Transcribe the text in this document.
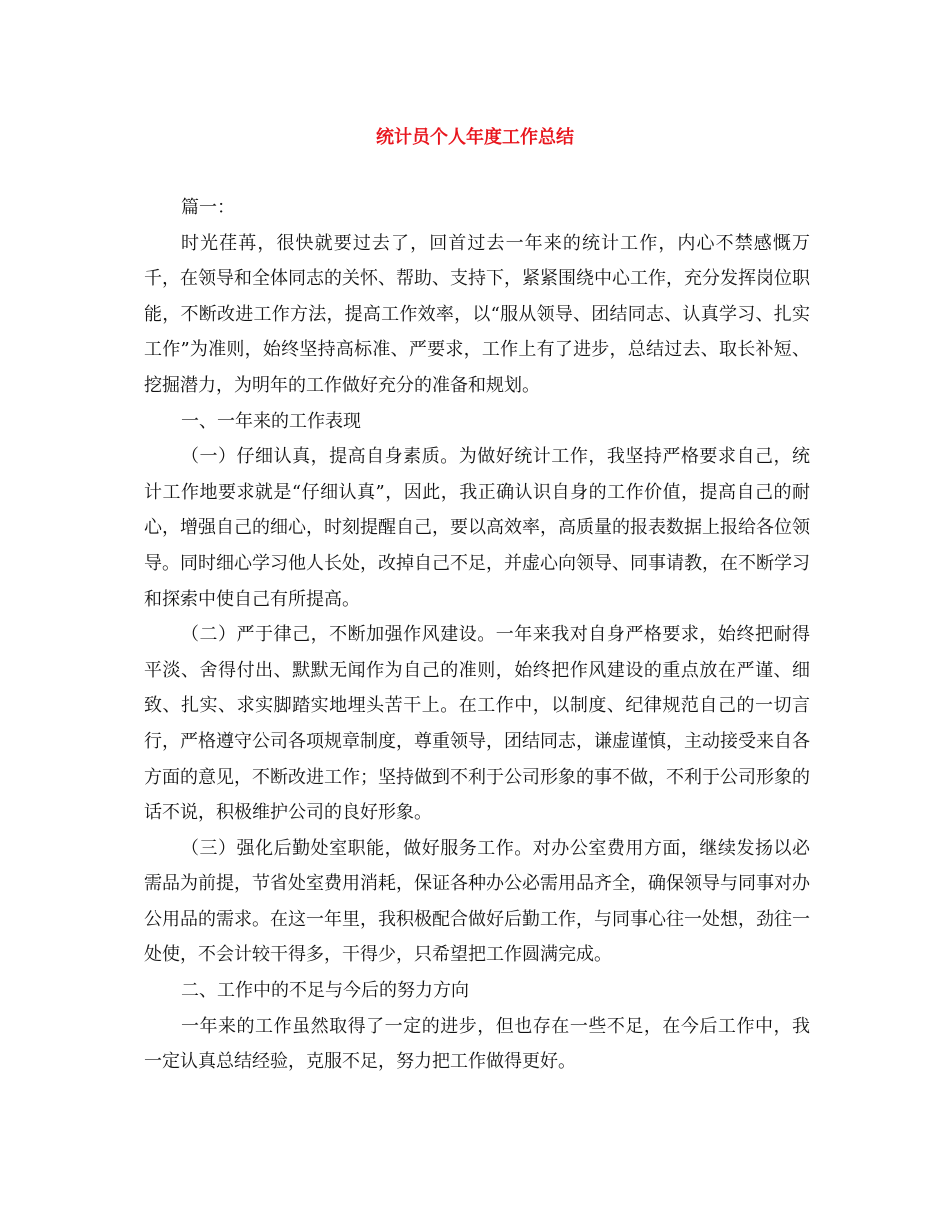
统计员个人年度工作总结

篇一：

时光荏苒，很快就要过去了，回首过去一年来的统计工作，内心不禁感慨万千，在领导和全体同志的关怀、帮助、支持下，紧紧围绕中心工作，充分发挥岗位职能，不断改进工作方法，提高工作效率，以“服从领导、团结同志、认真学习、扎实工作”为准则，始终坚持高标准、严要求，工作上有了进步，总结过去、取长补短、挖掘潜力，为明年的工作做好充分的准备和规划。

一、一年来的工作表现

（一）仔细认真，提高自身素质。为做好统计工作，我坚持严格要求自己，统计工作地要求就是“仔细认真”，因此，我正确认识自身的工作价值，提高自己的耐心，增强自己的细心，时刻提醒自己，要以高效率，高质量的报表数据上报给各位领导。同时细心学习他人长处，改掉自己不足，并虚心向领导、同事请教，在不断学习和探索中使自己有所提高。

（二）严于律己，不断加强作风建设。一年来我对自身严格要求，始终把耐得平淡、舍得付出、默默无闻作为自己的准则，始终把作风建设的重点放在严谨、细致、扎实、求实脚踏实地埋头苦干上。在工作中，以制度、纪律规范自己的一切言行，严格遵守公司各项规章制度，尊重领导，团结同志，谦虚谨慎，主动接受来自各方面的意见，不断改进工作；坚持做到不利于公司形象的事不做，不利于公司形象的话不说，积极维护公司的良好形象。

（三）强化后勤处室职能，做好服务工作。对办公室费用方面，继续发扬以必需品为前提，节省处室费用消耗，保证各种办公必需用品齐全，确保领导与同事对办公用品的需求。在这一年里，我积极配合做好后勤工作，与同事心往一处想，劲往一处使，不会计较干得多，干得少，只希望把工作圆满完成。

二、工作中的不足与今后的努力方向

一年来的工作虽然取得了一定的进步，但也存在一些不足，在今后工作中，我一定认真总结经验，克服不足，努力把工作做得更好。
